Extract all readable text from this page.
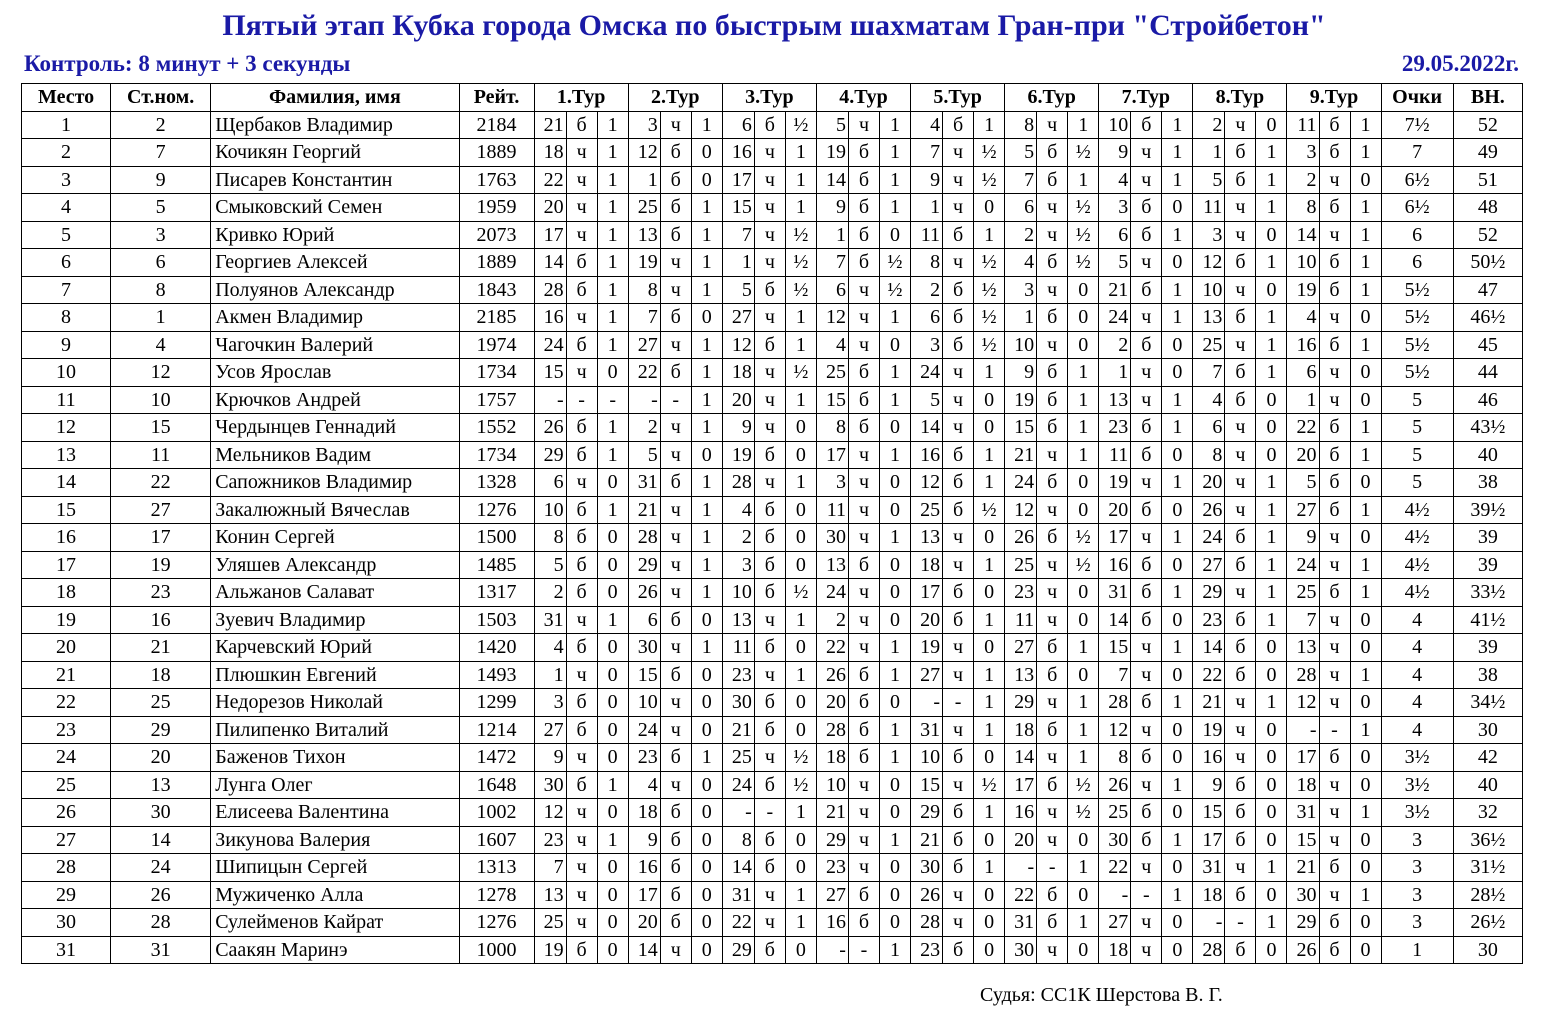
Пятый этап Кубка города Омска по быстрым шахматам Гран-при "Стройбетон"
Контроль: 8 минут + 3 секунды	29.05.2022г.
Место	Ст.ном.	Фамилия, имя	Рейт.	1.Тур			2.Тур			3.Тур			4.Тур			5.Тур			6.Тур			7.Тур			8.Тур			9.Тур			Очки	ВН.
1	2	Щербаков Владимир	2184	21	б	1	3	ч	1	6	б	½	5	ч	1	4	б	1	8	ч	1	10	б	1	2	ч	0	11	б	1	7½	52
2	7	Кочикян Георгий	1889	18	ч	1	12	б	0	16	ч	1	19	б	1	7	ч	½	5	б	½	9	ч	1	1	б	1	3	б	1	7	49
3	9	Писарев Константин	1763	22	ч	1	1	б	0	17	ч	1	14	б	1	9	ч	½	7	б	1	4	ч	1	5	б	1	2	ч	0	6½	51
4	5	Смыковский Семен	1959	20	ч	1	25	б	1	15	ч	1	9	б	1	1	ч	0	6	ч	½	3	б	0	11	ч	1	8	б	1	6½	48
5	3	Кривко Юрий	2073	17	ч	1	13	б	1	7	ч	½	1	б	0	11	б	1	2	ч	½	6	б	1	3	ч	0	14	ч	1	6	52
6	6	Георгиев Алексей	1889	14	б	1	19	ч	1	1	ч	½	7	б	½	8	ч	½	4	б	½	5	ч	0	12	б	1	10	б	1	6	50½
7	8	Полуянов Александр	1843	28	б	1	8	ч	1	5	б	½	6	ч	½	2	б	½	3	ч	0	21	б	1	10	ч	0	19	б	1	5½	47
8	1	Акмен Владимир	2185	16	ч	1	7	б	0	27	ч	1	12	ч	1	6	б	½	1	б	0	24	ч	1	13	б	1	4	ч	0	5½	46½
9	4	Чагочкин Валерий	1974	24	б	1	27	ч	1	12	б	1	4	ч	0	3	б	½	10	ч	0	2	б	0	25	ч	1	16	б	1	5½	45
10	12	Усов Ярослав	1734	15	ч	0	22	б	1	18	ч	½	25	б	1	24	ч	1	9	б	1	1	ч	0	7	б	1	6	ч	0	5½	44
11	10	Крючков Андрей	1757	-	-	-	-	-	1	20	ч	1	15	б	1	5	ч	0	19	б	1	13	ч	1	4	б	0	1	ч	0	5	46
12	15	Чердынцев Геннадий	1552	26	б	1	2	ч	1	9	ч	0	8	б	0	14	ч	0	15	б	1	23	б	1	6	ч	0	22	б	1	5	43½
13	11	Мельников Вадим	1734	29	б	1	5	ч	0	19	б	0	17	ч	1	16	б	1	21	ч	1	11	б	0	8	ч	0	20	б	1	5	40
14	22	Сапожников Владимир	1328	6	ч	0	31	б	1	28	ч	1	3	ч	0	12	б	1	24	б	0	19	ч	1	20	ч	1	5	б	0	5	38
15	27	Закалюжный Вячеслав	1276	10	б	1	21	ч	1	4	б	0	11	ч	0	25	б	½	12	ч	0	20	б	0	26	ч	1	27	б	1	4½	39½
16	17	Конин Сергей	1500	8	б	0	28	ч	1	2	б	0	30	ч	1	13	ч	0	26	б	½	17	ч	1	24	б	1	9	ч	0	4½	39
17	19	Уляшев Александр	1485	5	б	0	29	ч	1	3	б	0	13	б	0	18	ч	1	25	ч	½	16	б	0	27	б	1	24	ч	1	4½	39
18	23	Альжанов Салават	1317	2	б	0	26	ч	1	10	б	½	24	ч	0	17	б	0	23	ч	0	31	б	1	29	ч	1	25	б	1	4½	33½
19	16	Зуевич Владимир	1503	31	ч	1	6	б	0	13	ч	1	2	ч	0	20	б	1	11	ч	0	14	б	0	23	б	1	7	ч	0	4	41½
20	21	Карчевский Юрий	1420	4	б	0	30	ч	1	11	б	0	22	ч	1	19	ч	0	27	б	1	15	ч	1	14	б	0	13	ч	0	4	39
21	18	Плюшкин Евгений	1493	1	ч	0	15	б	0	23	ч	1	26	б	1	27	ч	1	13	б	0	7	ч	0	22	б	0	28	ч	1	4	38
22	25	Недорезов Николай	1299	3	б	0	10	ч	0	30	б	0	20	б	0	-	-	1	29	ч	1	28	б	1	21	ч	1	12	ч	0	4	34½
23	29	Пилипенко Виталий	1214	27	б	0	24	ч	0	21	б	0	28	б	1	31	ч	1	18	б	1	12	ч	0	19	ч	0	-	-	1	4	30
24	20	Баженов Тихон	1472	9	ч	0	23	б	1	25	ч	½	18	б	1	10	б	0	14	ч	1	8	б	0	16	ч	0	17	б	0	3½	42
25	13	Лунга Олег	1648	30	б	1	4	ч	0	24	б	½	10	ч	0	15	ч	½	17	б	½	26	ч	1	9	б	0	18	ч	0	3½	40
26	30	Елисеева Валентина	1002	12	ч	0	18	б	0	-	-	1	21	ч	0	29	б	1	16	ч	½	25	б	0	15	б	0	31	ч	1	3½	32
27	14	Зикунова Валерия	1607	23	ч	1	9	б	0	8	б	0	29	ч	1	21	б	0	20	ч	0	30	б	1	17	б	0	15	ч	0	3	36½
28	24	Шипицын Сергей	1313	7	ч	0	16	б	0	14	б	0	23	ч	0	30	б	1	-	-	1	22	ч	0	31	ч	1	21	б	0	3	31½
29	26	Мужиченко Алла	1278	13	ч	0	17	б	0	31	ч	1	27	б	0	26	ч	0	22	б	0	-	-	1	18	б	0	30	ч	1	3	28½
30	28	Сулейменов Кайрат	1276	25	ч	0	20	б	0	22	ч	1	16	б	0	28	ч	0	31	б	1	27	ч	0	-	-	1	29	б	0	3	26½
31	31	Саакян Маринэ	1000	19	б	0	14	ч	0	29	б	0	-	-	1	23	б	0	30	ч	0	18	ч	0	28	б	0	26	б	0	1	30
Судья: СС1К Шерстова В. Г.
